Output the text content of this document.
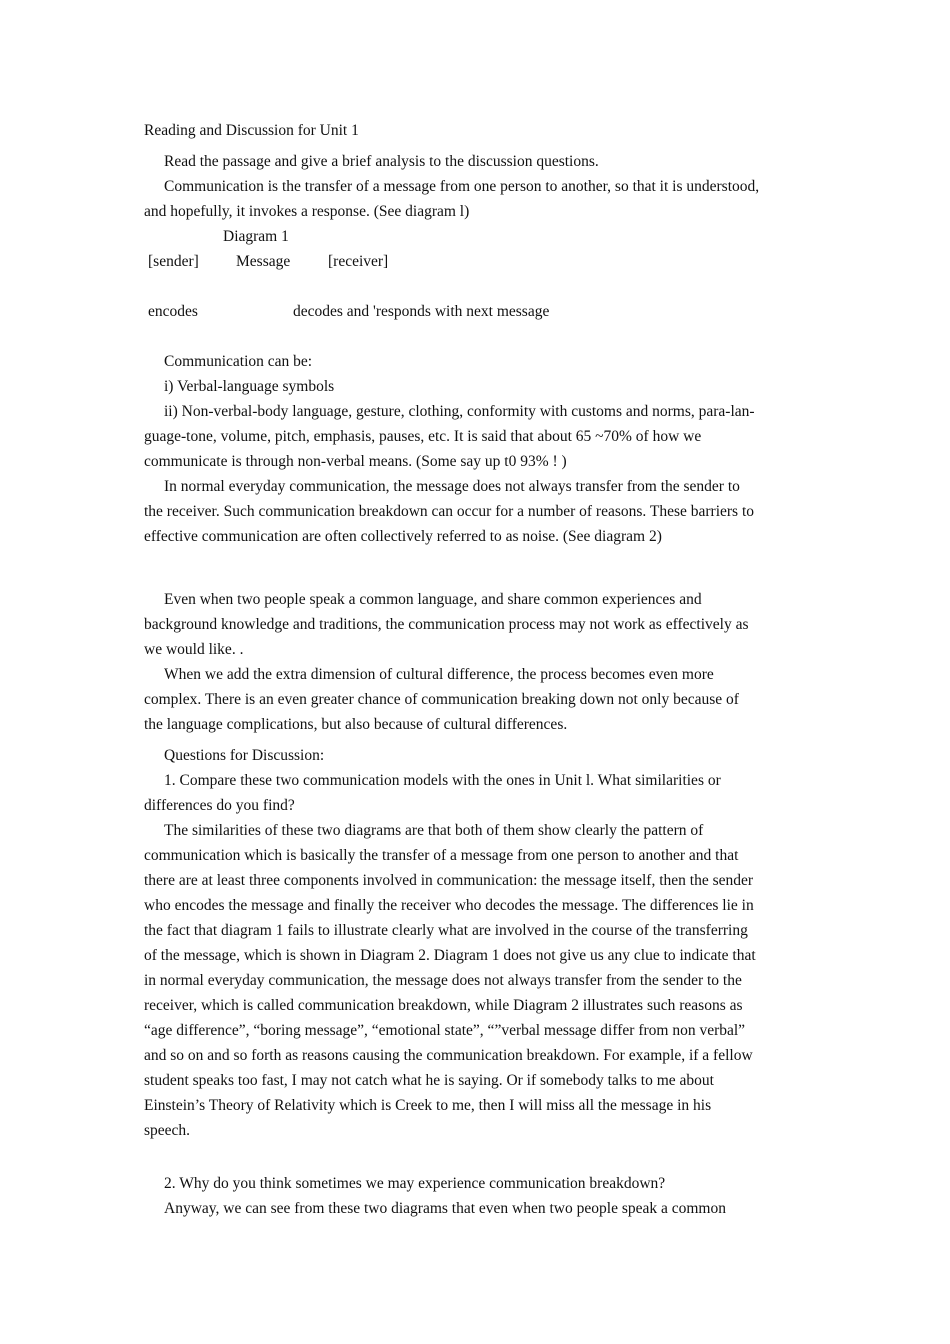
Reading and Discussion for Unit 1
Read the passage and give a brief analysis to the discussion questions.
Communication is the transfer of a message from one person to another, so that it is understood,
and hopefully, it invokes a response. (See diagram l)
Diagram 1
[sender] Message [receiver]
encodes	decodes and 'responds with next message
Communication can be:
i) Verbal-language symbols
ii) Non-verbal-body language, gesture, clothing, conformity with customs and norms, para-lan-
guage-tone, volume, pitch, emphasis, pauses, etc. It is said that about 65 ~70% of how we
communicate is through non-verbal means. (Some say up t0 93% ! )
In normal everyday communication, the message does not always transfer from the sender to
the receiver. Such communication breakdown can occur for a number of reasons. These barriers to
effective communication are often collectively referred to as noise. (See diagram 2)
Even when two people speak a common language, and share common experiences and
background knowledge and traditions, the communication process may not work as effectively as
we would like. .
When we add the extra dimension of cultural difference, the process becomes even more
complex. There is an even greater chance of communication breaking down not only because of
the language complications, but also because of cultural differences.
Questions for Discussion:
1. Compare these two communication models with the ones in Unit l. What similarities or
differences do you find?
The similarities of these two diagrams are that both of them show clearly the pattern of
communication which is basically the transfer of a message from one person to another and that
there are at least three components involved in communication: the message itself, then the sender
who encodes the message and finally the receiver who decodes the message. The differences lie in
the fact that diagram 1 fails to illustrate clearly what are involved in the course of the transferring
of the message, which is shown in Diagram 2. Diagram 1 does not give us any clue to indicate that
in normal everyday communication, the message does not always transfer from the sender to the
receiver, which is called communication breakdown, while Diagram 2 illustrates such reasons as
“age difference”, “boring message”, “emotional state”, “”verbal message differ from non verbal”
and so on and so forth as reasons causing the communication breakdown. For example, if a fellow
student speaks too fast, I may not catch what he is saying. Or if somebody talks to me about
Einstein’s Theory of Relativity which is Creek to me, then I will miss all the message in his
speech.
2. Why do you think sometimes we may experience communication breakdown?
Anyway, we can see from these two diagrams that even when two people speak a common
